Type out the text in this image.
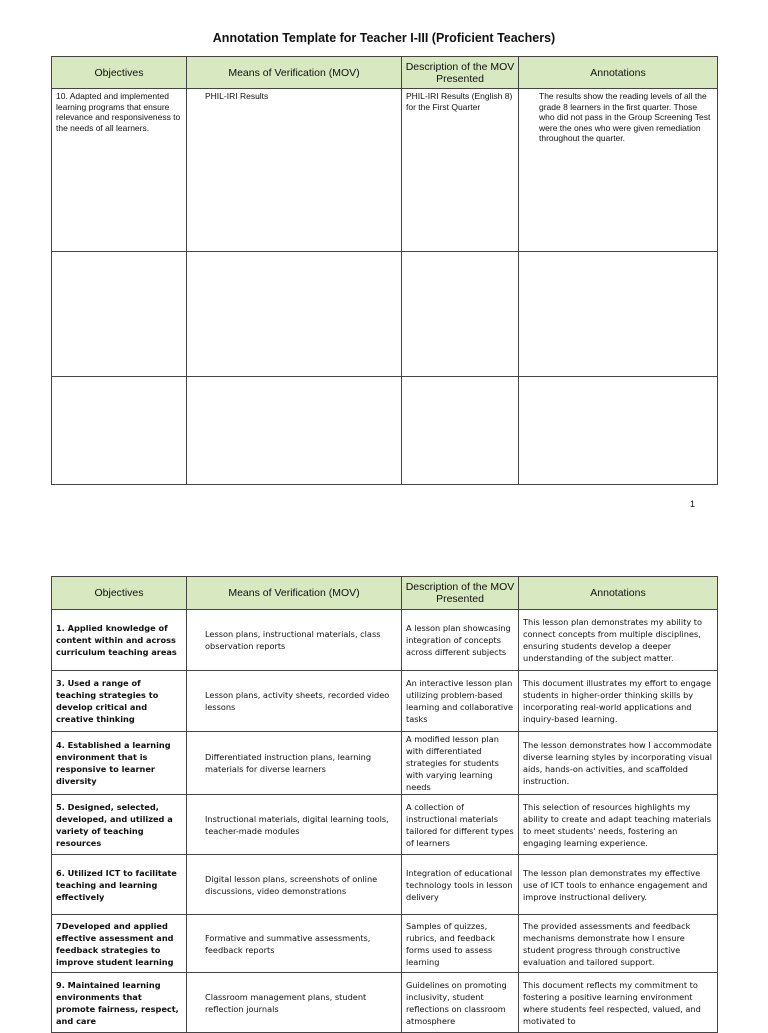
Annotation Template for Teacher I-III (Proficient Teachers)
Objectives	Means of Verification (MOV)	Description of the MOV Presented	Annotations
10. Adapted and implemented learning programs that ensure relevance and responsiveness to the needs of all learners.	PHIL-IRI Results	PHIL-IRI Results (English 8) for the First Quarter	The results show the reading levels of all the grade 8 learners in the first quarter. Those who did not pass in the Group Screening Test were the ones who were given remediation throughout the quarter.

1
Objectives	Means of Verification (MOV)	Description of the MOV Presented	Annotations
1. Applied knowledge of content within and across curriculum teaching areas	Lesson plans, instructional materials, class observation reports	A lesson plan showcasing integration of concepts across different subjects	This lesson plan demonstrates my ability to connect concepts from multiple disciplines, ensuring students develop a deeper understanding of the subject matter.
3. Used a range of teaching strategies to develop critical and creative thinking	Lesson plans, activity sheets, recorded video lessons	An interactive lesson plan utilizing problem-based learning and collaborative tasks	This document illustrates my effort to engage students in higher-order thinking skills by incorporating real-world applications and inquiry-based learning.
4. Established a learning environment that is responsive to learner diversity	Differentiated instruction plans, learning materials for diverse learners	A modified lesson plan with differentiated strategies for students with varying learning needs	The lesson demonstrates how I accommodate diverse learning styles by incorporating visual aids, hands-on activities, and scaffolded instruction.
5. Designed, selected, developed, and utilized a variety of teaching resources	Instructional materials, digital learning tools, teacher-made modules	A collection of instructional materials tailored for different types of learners	This selection of resources highlights my ability to create and adapt teaching materials to meet students' needs, fostering an engaging learning experience.
6. Utilized ICT to facilitate teaching and learning effectively	Digital lesson plans, screenshots of online discussions, video demonstrations	Integration of educational technology tools in lesson delivery	The lesson plan demonstrates my effective use of ICT tools to enhance engagement and improve instructional delivery.
7Developed and applied effective assessment and feedback strategies to improve student learning	Formative and summative assessments, feedback reports	Samples of quizzes, rubrics, and feedback forms used to assess learning	The provided assessments and feedback mechanisms demonstrate how I ensure student progress through constructive evaluation and tailored support.
9. Maintained learning environments that promote fairness, respect, and care	Classroom management plans, student reflection journals	Guidelines on promoting inclusivity, student reflections on classroom atmosphere	This document reflects my commitment to fostering a positive learning environment where students feel respected, valued, and motivated to
